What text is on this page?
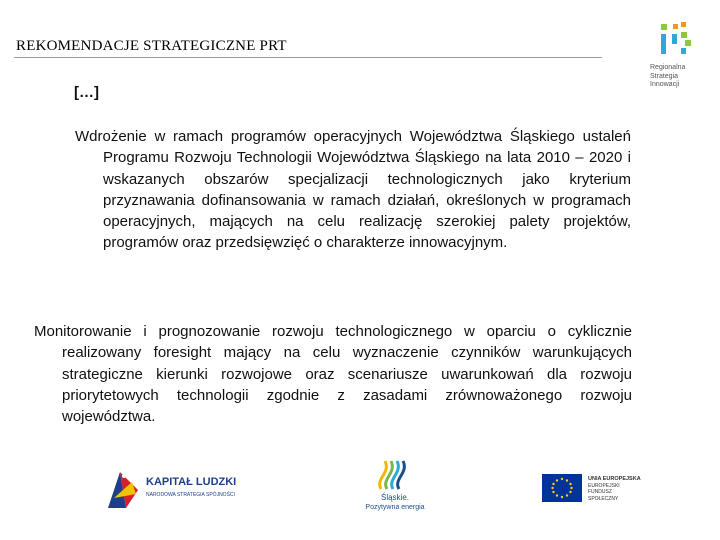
REKOMENDACJE STRATEGICZNE PRT
Regionalna
Strategia
Innowacji
[…]
Wdrożenie w ramach programów operacyjnych Województwa Śląskiego ustaleń Programu Rozwoju Technologii Województwa Śląskiego na lata 2010 – 2020 i wskazanych obszarów specjalizacji technologicznych jako kryterium przyznawania dofinansowania w ramach działań, określonych w programach operacyjnych, mających na celu realizację szerokiej palety projektów, programów oraz przedsięwzięć o charakterze innowacyjnym.
Monitorowanie i prognozowanie rozwoju technologicznego w oparciu o cyklicznie realizowany foresight mający na celu wyznaczenie czynników warunkujących strategiczne kierunki rozwojowe oraz scenariusze uwarunkowań dla rozwoju priorytetowych technologii zgodnie z zasadami zrównoważonego rozwoju województwa.
KAPITAŁ LUDZKI
NARODOWA STRATEGIA SPÓJNOŚCI	Śląskie.
Pozytywna energia
UNIA EUROPEJSKA
EUROPEJSKI
FUNDUSZ SPOŁECZNY
